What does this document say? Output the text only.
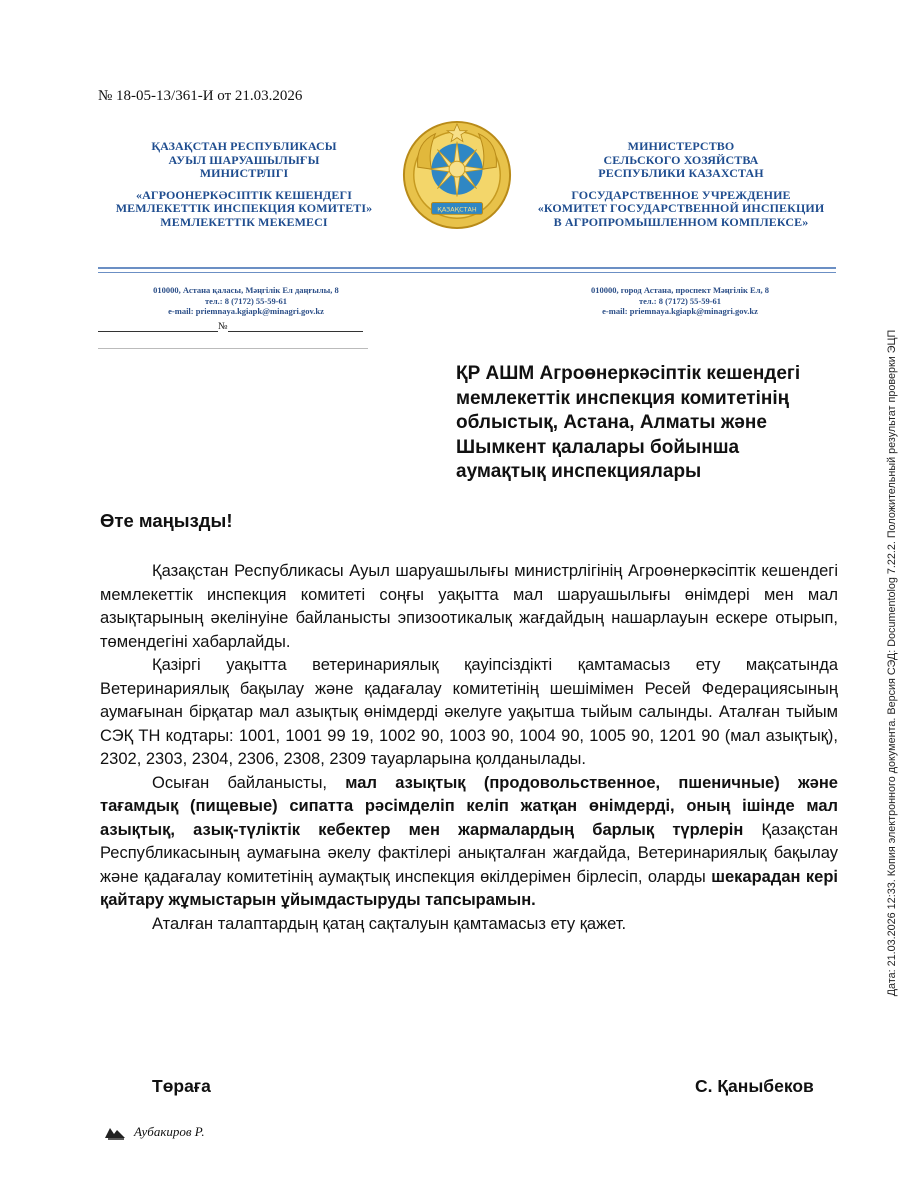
№ 18-05-13/361-И от 21.03.2026
ҚАЗАҚСТАН РЕСПУБЛИКАСЫ
АУЫЛ ШАРУАШЫЛЫҒЫ
МИНИСТРЛІГІ
«АГРООНЕРКӘСІПТІК КЕШЕНДЕГІ
МЕМЛЕКЕТТІК ИНСПЕКЦИЯ КОМИТЕТІ»
МЕМЛЕКЕТТІК МЕКЕМЕСІ
ҚАЗАҚСТАН
МИНИСТЕРСТВО
СЕЛЬСКОГО ХОЗЯЙСТВА
РЕСПУБЛИКИ КАЗАХСТАН
ГОСУДАРСТВЕННОЕ УЧРЕЖДЕНИЕ
«КОМИТЕТ ГОСУДАРСТВЕННОЙ ИНСПЕКЦИИ
В АГРОПРОМЫШЛЕННОМ КОМПЛЕКСЕ»
010000, Астана қаласы, Мәңгілік Ел даңғылы, 8
тел.: 8 (7172) 55-59-61
e-mail: priemnaya.kgiapk@minagri.gov.kz
010000, город Астана, проспект Мәңгілік Ел, 8
тел.: 8 (7172) 55-59-61
e-mail: priemnaya.kgiapk@minagri.gov.kz
№
ҚР АШМ Агроөнеркәсіптік кешендегі
мемлекеттік инспекция комитетінің
облыстық, Астана, Алматы және
Шымкент қалалары бойынша
аумақтық инспекциялары
Өте маңызды!

Қазақстан Республикасы Ауыл шаруашылығы министрлігінің Агроөнеркәсіптік кешендегі мемлекеттік инспекция комитеті соңғы уақытта мал шаруашылығы өнімдері мен мал азықтарының әкелінуіне байланысты эпизоотикалық жағдайдың нашарлауын ескере отырып, төмендегіні хабарлайды.

Қазіргі уақытта ветеринариялық қауіпсіздікті қамтамасыз ету мақсатында Ветеринариялық бақылау және қадағалау комитетінің шешімімен Ресей Федерациясының аумағынан бірқатар мал азықтық өнімдерді әкелуге уақытша тыйым салынды. Аталған тыйым СЭҚ ТН кодтары: 1001, 1001 99 19, 1002 90, 1003 90, 1004 90, 1005 90, 1201 90 (мал азықтық), 2302, 2303, 2304, 2306, 2308, 2309 тауарларына қолданылады.

Осыған байланысты, мал азықтық (продовольственное, пшеничные) және тағамдық (пищевые) сипатта рәсімделіп келіп жатқан өнімдерді, оның ішінде мал азықтық, азық-түліктік кебектер мен жармалардың барлық түрлерін Қазақстан Республикасының аумағына әкелу фактілері анықталған жағдайда, Ветеринариялық бақылау және қадағалау комитетінің аумақтық инспекция өкілдерімен бірлесіп, оларды шекарадан кері қайтару жұмыстарын ұйымдастыруды тапсырамын.

Аталған талаптардың қатаң сақталуын қамтамасыз ету қажет.

Төраға	С. Қаныбеков
Аубакиров Р.
Дата: 21.03.2026 12:33. Копия электронного документа. Версия СЭД: Documentolog 7.22.2. Положительный результат проверки ЭЦП
